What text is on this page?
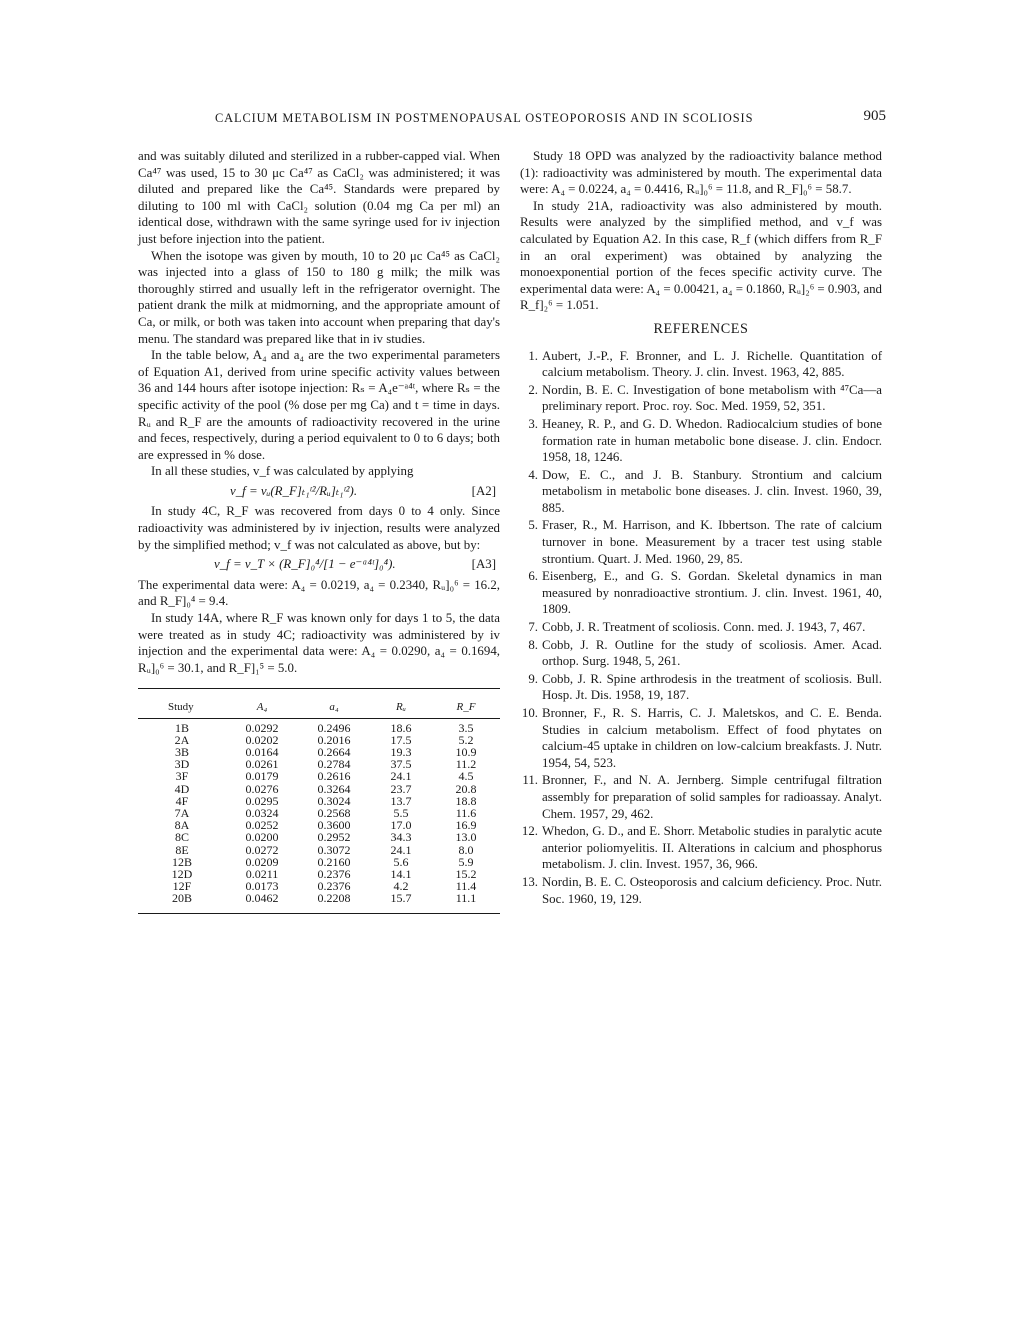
CALCIUM METABOLISM IN POSTMENOPAUSAL OSTEOPOROSIS AND IN SCOLIOSIS	905

and was suitably diluted and sterilized in a rubber-capped vial. When Ca⁴⁷ was used, 15 to 30 μc Ca⁴⁷ as CaCl₂ was administered; it was diluted and prepared like the Ca⁴⁵. Standards were prepared by diluting to 100 ml with CaCl₂ solution (0.04 mg Ca per ml) an identical dose, withdrawn with the same syringe used for iv injection just before injection into the patient.

When the isotope was given by mouth, 10 to 20 μc Ca⁴⁵ as CaCl₂ was injected into a glass of 150 to 180 g milk; the milk was thoroughly stirred and usually left in the refrigerator overnight. The patient drank the milk at midmorning, and the appropriate amount of Ca, or milk, or both was taken into account when preparing that day's menu. The standard was prepared like that in iv studies.

In the table below, A₄ and a₄ are the two experimental parameters of Equation A1, derived from urine specific activity values between 36 and 144 hours after isotope injection: Rₛ = A₄e⁻ᵃ⁴ᵗ, where Rₛ = the specific activity of the pool (% dose per mg Ca) and t = time in days. Rᵤ and R_F are the amounts of radioactivity recovered in the urine and feces, respectively, during a period equivalent to 0 to 6 days; both are expressed in % dose.

In all these studies, v_f was calculated by applying

v_f = vᵤ(R_F]ₜ₁ᵗ²/Rᵤ]ₜ₁ᵗ²).	[A2]

In study 4C, R_F was recovered from days 0 to 4 only. Since radioactivity was administered by iv injection, results were analyzed by the simplified method; v_f was not calculated as above, but by:

v_f = v_T × (R_F]₀⁴/[1 − e⁻ᵃ⁴ᵗ]₀⁴).	[A3]

The experimental data were: A₄ = 0.0219, a₄ = 0.2340, Rᵤ]₀⁶ = 16.2, and R_F]₀⁴ = 9.4.

In study 14A, where R_F was known only for days 1 to 5, the data were treated as in study 4C; radioactivity was administered by iv injection and the experimental data were: A₄ = 0.0290, a₄ = 0.1694, Rᵤ]₀⁶ = 30.1, and R_F]₁⁵ = 5.0.

Study	A₄	a₄	Rᵤ	R_F
1B	0.0292	0.2496	18.6	3.5
2A	0.0202	0.2016	17.5	5.2
3B	0.0164	0.2664	19.3	10.9
3D	0.0261	0.2784	37.5	11.2
3F	0.0179	0.2616	24.1	4.5
4D	0.0276	0.3264	23.7	20.8
4F	0.0295	0.3024	13.7	18.8
7A	0.0324	0.2568	5.5	11.6
8A	0.0252	0.3600	17.0	16.9
8C	0.0200	0.2952	34.3	13.0
8E	0.0272	0.3072	24.1	8.0
12B	0.0209	0.2160	5.6	5.9
12D	0.0211	0.2376	14.1	15.2
12F	0.0173	0.2376	4.2	11.4
20B	0.0462	0.2208	15.7	11.1

Study 18 OPD was analyzed by the radioactivity balance method (1): radioactivity was administered by mouth. The experimental data were: A₄ = 0.0224, a₄ = 0.4416, Rᵤ]₀⁶ = 11.8, and R_F]₀⁶ = 58.7.

In study 21A, radioactivity was also administered by mouth. Results were analyzed by the simplified method, and v_f was calculated by Equation A2. In this case, R_f (which differs from R_F in an oral experiment) was obtained by analyzing the monoexponential portion of the feces specific activity curve. The experimental data were: A₄ = 0.00421, a₄ = 0.1860, Rᵤ]₂⁶ = 0.903, and R_f]₂⁶ = 1.051.

REFERENCES
1. Aubert, J.-P., F. Bronner, and L. J. Richelle. Quantitation of calcium metabolism. Theory. J. clin. Invest. 1963, 42, 885.
2. Nordin, B. E. C. Investigation of bone metabolism with ⁴⁷Ca—a preliminary report. Proc. roy. Soc. Med. 1959, 52, 351.
3. Heaney, R. P., and G. D. Whedon. Radiocalcium studies of bone formation rate in human metabolic bone disease. J. clin. Endocr. 1958, 18, 1246.
4. Dow, E. C., and J. B. Stanbury. Strontium and calcium metabolism in metabolic bone diseases. J. clin. Invest. 1960, 39, 885.
5. Fraser, R., M. Harrison, and K. Ibbertson. The rate of calcium turnover in bone. Measurement by a tracer test using stable strontium. Quart. J. Med. 1960, 29, 85.
6. Eisenberg, E., and G. S. Gordan. Skeletal dynamics in man measured by nonradioactive strontium. J. clin. Invest. 1961, 40, 1809.
7. Cobb, J. R. Treatment of scoliosis. Conn. med. J. 1943, 7, 467.
8. Cobb, J. R. Outline for the study of scoliosis. Amer. Acad. orthop. Surg. 1948, 5, 261.
9. Cobb, J. R. Spine arthrodesis in the treatment of scoliosis. Bull. Hosp. Jt. Dis. 1958, 19, 187.
10. Bronner, F., R. S. Harris, C. J. Maletskos, and C. E. Benda. Studies in calcium metabolism. Effect of food phytates on calcium-45 uptake in children on low-calcium breakfasts. J. Nutr. 1954, 54, 523.
11. Bronner, F., and N. A. Jernberg. Simple centrifugal filtration assembly for preparation of solid samples for radioassay. Analyt. Chem. 1957, 29, 462.
12. Whedon, G. D., and E. Shorr. Metabolic studies in paralytic acute anterior poliomyelitis. II. Alterations in calcium and phosphorus metabolism. J. clin. Invest. 1957, 36, 966.
13. Nordin, B. E. C. Osteoporosis and calcium deficiency. Proc. Nutr. Soc. 1960, 19, 129.
